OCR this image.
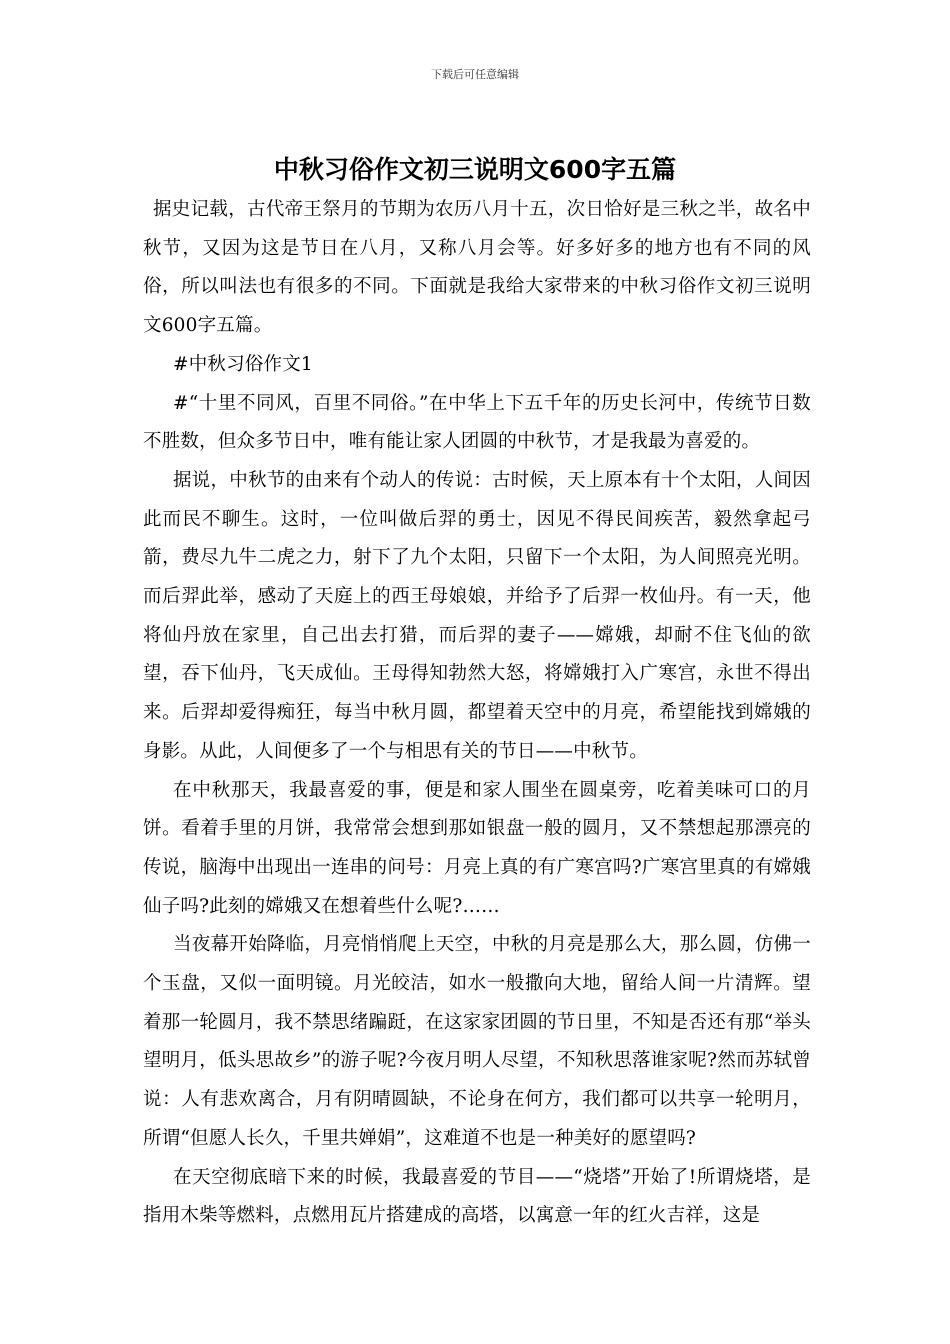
下载后可任意编辑
中秋习俗作文初三说明文600字五篇

据史记载，古代帝王祭月的节期为农历八月十五，次日恰好是三秋之半，故名中秋节，又因为这是节日在八月，又称八月会等。好多好多的地方也有不同的风俗，所以叫法也有很多的不同。下面就是我给大家带来的中秋习俗作文初三说明文600字五篇。

#中秋习俗作文1

#“十里不同风，百里不同俗。”在中华上下五千年的历史长河中，传统节日数不胜数，但众多节日中，唯有能让家人团圆的中秋节，才是我最为喜爱的。

据说，中秋节的由来有个动人的传说：古时候，天上原本有十个太阳，人间因此而民不聊生。这时，一位叫做后羿的勇士，因见不得民间疾苦，毅然拿起弓箭，费尽九牛二虎之力，射下了九个太阳，只留下一个太阳，为人间照亮光明。而后羿此举，感动了天庭上的西王母娘娘，并给予了后羿一枚仙丹。有一天，他将仙丹放在家里，自己出去打猎，而后羿的妻子——嫦娥，却耐不住飞仙的欲望，吞下仙丹，飞天成仙。王母得知勃然大怒，将嫦娥打入广寒宫，永世不得出来。后羿却爱得痴狂，每当中秋月圆，都望着天空中的月亮，希望能找到嫦娥的身影。从此，人间便多了一个与相思有关的节日——中秋节。

在中秋那天，我最喜爱的事，便是和家人围坐在圆桌旁，吃着美味可口的月饼。看着手里的月饼，我常常会想到那如银盘一般的圆月，又不禁想起那漂亮的传说，脑海中出现出一连串的问号：月亮上真的有广寒宫吗?广寒宫里真的有嫦娥仙子吗?此刻的嫦娥又在想着些什么呢?……

当夜幕开始降临，月亮悄悄爬上天空，中秋的月亮是那么大，那么圆，仿佛一个玉盘，又似一面明镜。月光皎洁，如水一般撒向大地，留给人间一片清辉。望着那一轮圆月，我不禁思绪蹁跹，在这家家团圆的节日里，不知是否还有那“举头望明月，低头思故乡”的游子呢?今夜月明人尽望，不知秋思落谁家呢?然而苏轼曾说：人有悲欢离合，月有阴晴圆缺，不论身在何方，我们都可以共享一轮明月，所谓“但愿人长久，千里共婵娟”，这难道不也是一种美好的愿望吗?

在天空彻底暗下来的时候，我最喜爱的节目——“烧塔”开始了!所谓烧塔，是指用木柴等燃料，点燃用瓦片搭建成的高塔，以寓意一年的红火吉祥，这是
